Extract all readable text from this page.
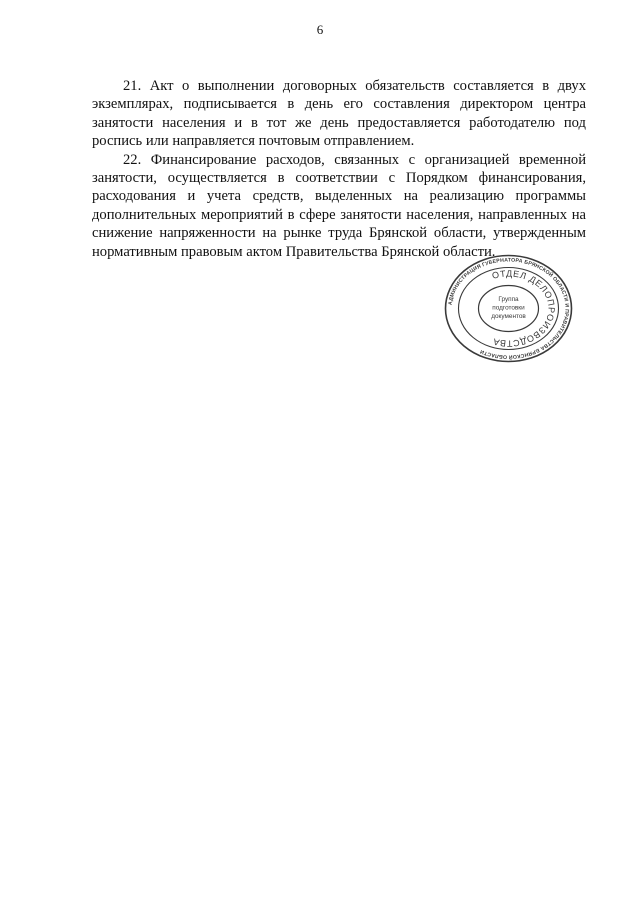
6

21. Акт о выполнении договорных обязательств составляется в двух экземплярах, подписывается в день его составления директором центра занятости населения и в тот же день предоставляется работодателю под роспись или направляется почтовым отправлением.

22. Финансирование расходов, связанных с организацией временной занятости, осуществляется в соответствии с Порядком финансирования, расходования и учета средств, выделенных на реализацию программы дополнительных мероприятий в сфере занятости населения, направленных на снижение напряженности на рынке труда Брянской области, утвержденным нормативным правовым актом Правительства Брянской области.

АДМИНИСТРАЦИЯ ГУБЕРНАТОРА БРЯНСКОЙ ОБЛАСТИ И ПРАВИТЕЛЬСТВА БРЯНСКОЙ ОБЛАСТИ
ОТДЕЛ ДЕЛОПРОИЗВОДСТВА
Группа
подготовки
документов
